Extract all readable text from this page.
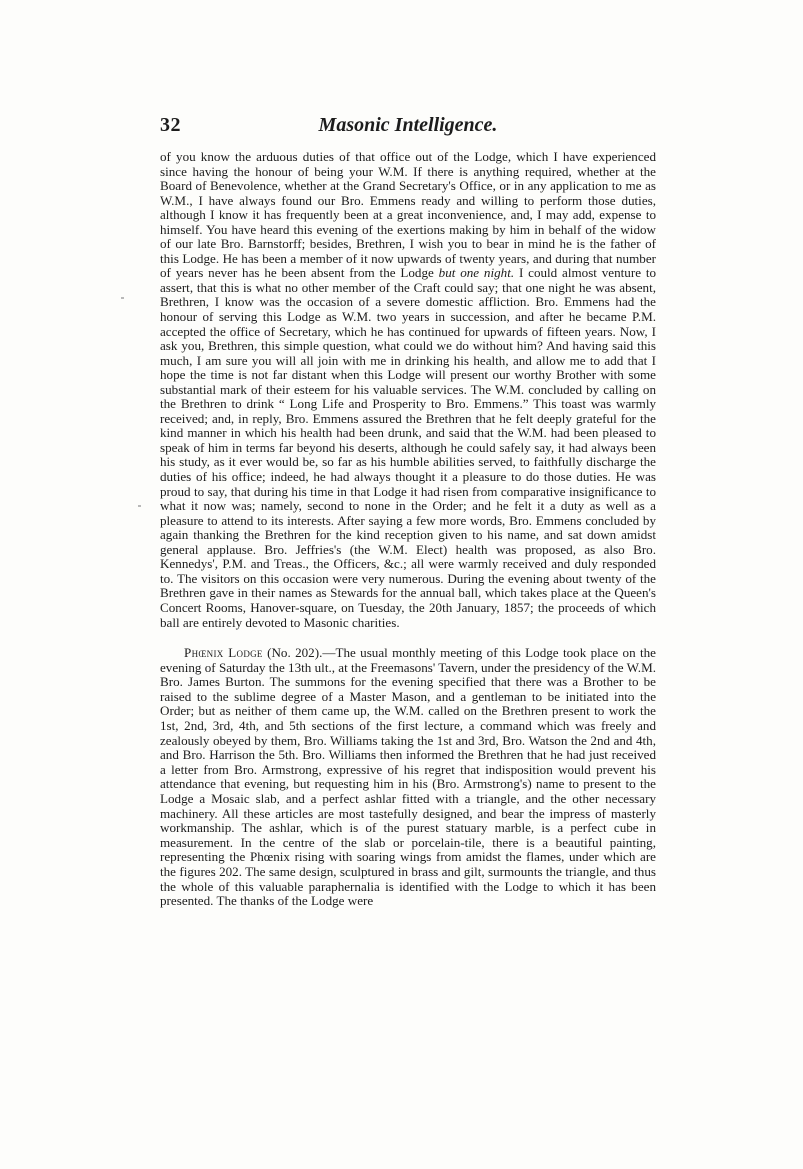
32	Masonic Intelligence.

of you know the arduous duties of that office out of the Lodge, which I have experienced since having the honour of being your W.M. If there is anything required, whether at the Board of Benevolence, whether at the Grand Secretary's Office, or in any application to me as W.M., I have always found our Bro. Emmens ready and willing to perform those duties, although I know it has frequently been at a great inconvenience, and, I may add, expense to himself. You have heard this evening of the exertions making by him in behalf of the widow of our late Bro. Barnstorff; besides, Brethren, I wish you to bear in mind he is the father of this Lodge. He has been a member of it now upwards of twenty years, and during that number of years never has he been absent from the Lodge but one night. I could almost venture to assert, that this is what no other member of the Craft could say; that one night he was absent, Brethren, I know was the occasion of a severe domestic affliction. Bro. Emmens had the honour of serving this Lodge as W.M. two years in succession, and after he became P.M. accepted the office of Secretary, which he has continued for upwards of fifteen years. Now, I ask you, Brethren, this simple question, what could we do without him? And having said this much, I am sure you will all join with me in drinking his health, and allow me to add that I hope the time is not far distant when this Lodge will present our worthy Brother with some substantial mark of their esteem for his valuable services. The W.M. concluded by calling on the Brethren to drink “ Long Life and Prosperity to Bro. Emmens.” This toast was warmly received; and, in reply, Bro. Emmens assured the Brethren that he felt deeply grateful for the kind manner in which his health had been drunk, and said that the W.M. had been pleased to speak of him in terms far beyond his deserts, although he could safely say, it had always been his study, as it ever would be, so far as his humble abilities served, to faithfully discharge the duties of his office; indeed, he had always thought it a pleasure to do those duties. He was proud to say, that during his time in that Lodge it had risen from comparative insignificance to what it now was; namely, second to none in the Order; and he felt it a duty as well as a pleasure to attend to its interests. After saying a few more words, Bro. Emmens concluded by again thanking the Brethren for the kind reception given to his name, and sat down amidst general applause. Bro. Jeffries's (the W.M. Elect) health was proposed, as also Bro. Kennedys', P.M. and Treas., the Officers, &c.; all were warmly received and duly responded to. The visitors on this occasion were very numerous. During the evening about twenty of the Brethren gave in their names as Stewards for the annual ball, which takes place at the Queen's Concert Rooms, Hanover-square, on Tuesday, the 20th January, 1857; the proceeds of which ball are entirely devoted to Masonic charities.

Phœnix Lodge (No. 202).—The usual monthly meeting of this Lodge took place on the evening of Saturday the 13th ult., at the Freemasons' Tavern, under the presidency of the W.M. Bro. James Burton. The summons for the evening specified that there was a Brother to be raised to the sublime degree of a Master Mason, and a gentleman to be initiated into the Order; but as neither of them came up, the W.M. called on the Brethren present to work the 1st, 2nd, 3rd, 4th, and 5th sections of the first lecture, a command which was freely and zealously obeyed by them, Bro. Williams taking the 1st and 3rd, Bro. Watson the 2nd and 4th, and Bro. Harrison the 5th. Bro. Williams then informed the Brethren that he had just received a letter from Bro. Armstrong, expressive of his regret that indisposition would prevent his attendance that evening, but requesting him in his (Bro. Armstrong's) name to present to the Lodge a Mosaic slab, and a perfect ashlar fitted with a triangle, and the other necessary machinery. All these articles are most tastefully designed, and bear the impress of masterly workmanship. The ashlar, which is of the purest statuary marble, is a perfect cube in measurement. In the centre of the slab or porcelain-tile, there is a beautiful painting, representing the Phœnix rising with soaring wings from amidst the flames, under which are the figures 202. The same design, sculptured in brass and gilt, surmounts the triangle, and thus the whole of this valuable paraphernalia is identified with the Lodge to which it has been presented. The thanks of the Lodge were
